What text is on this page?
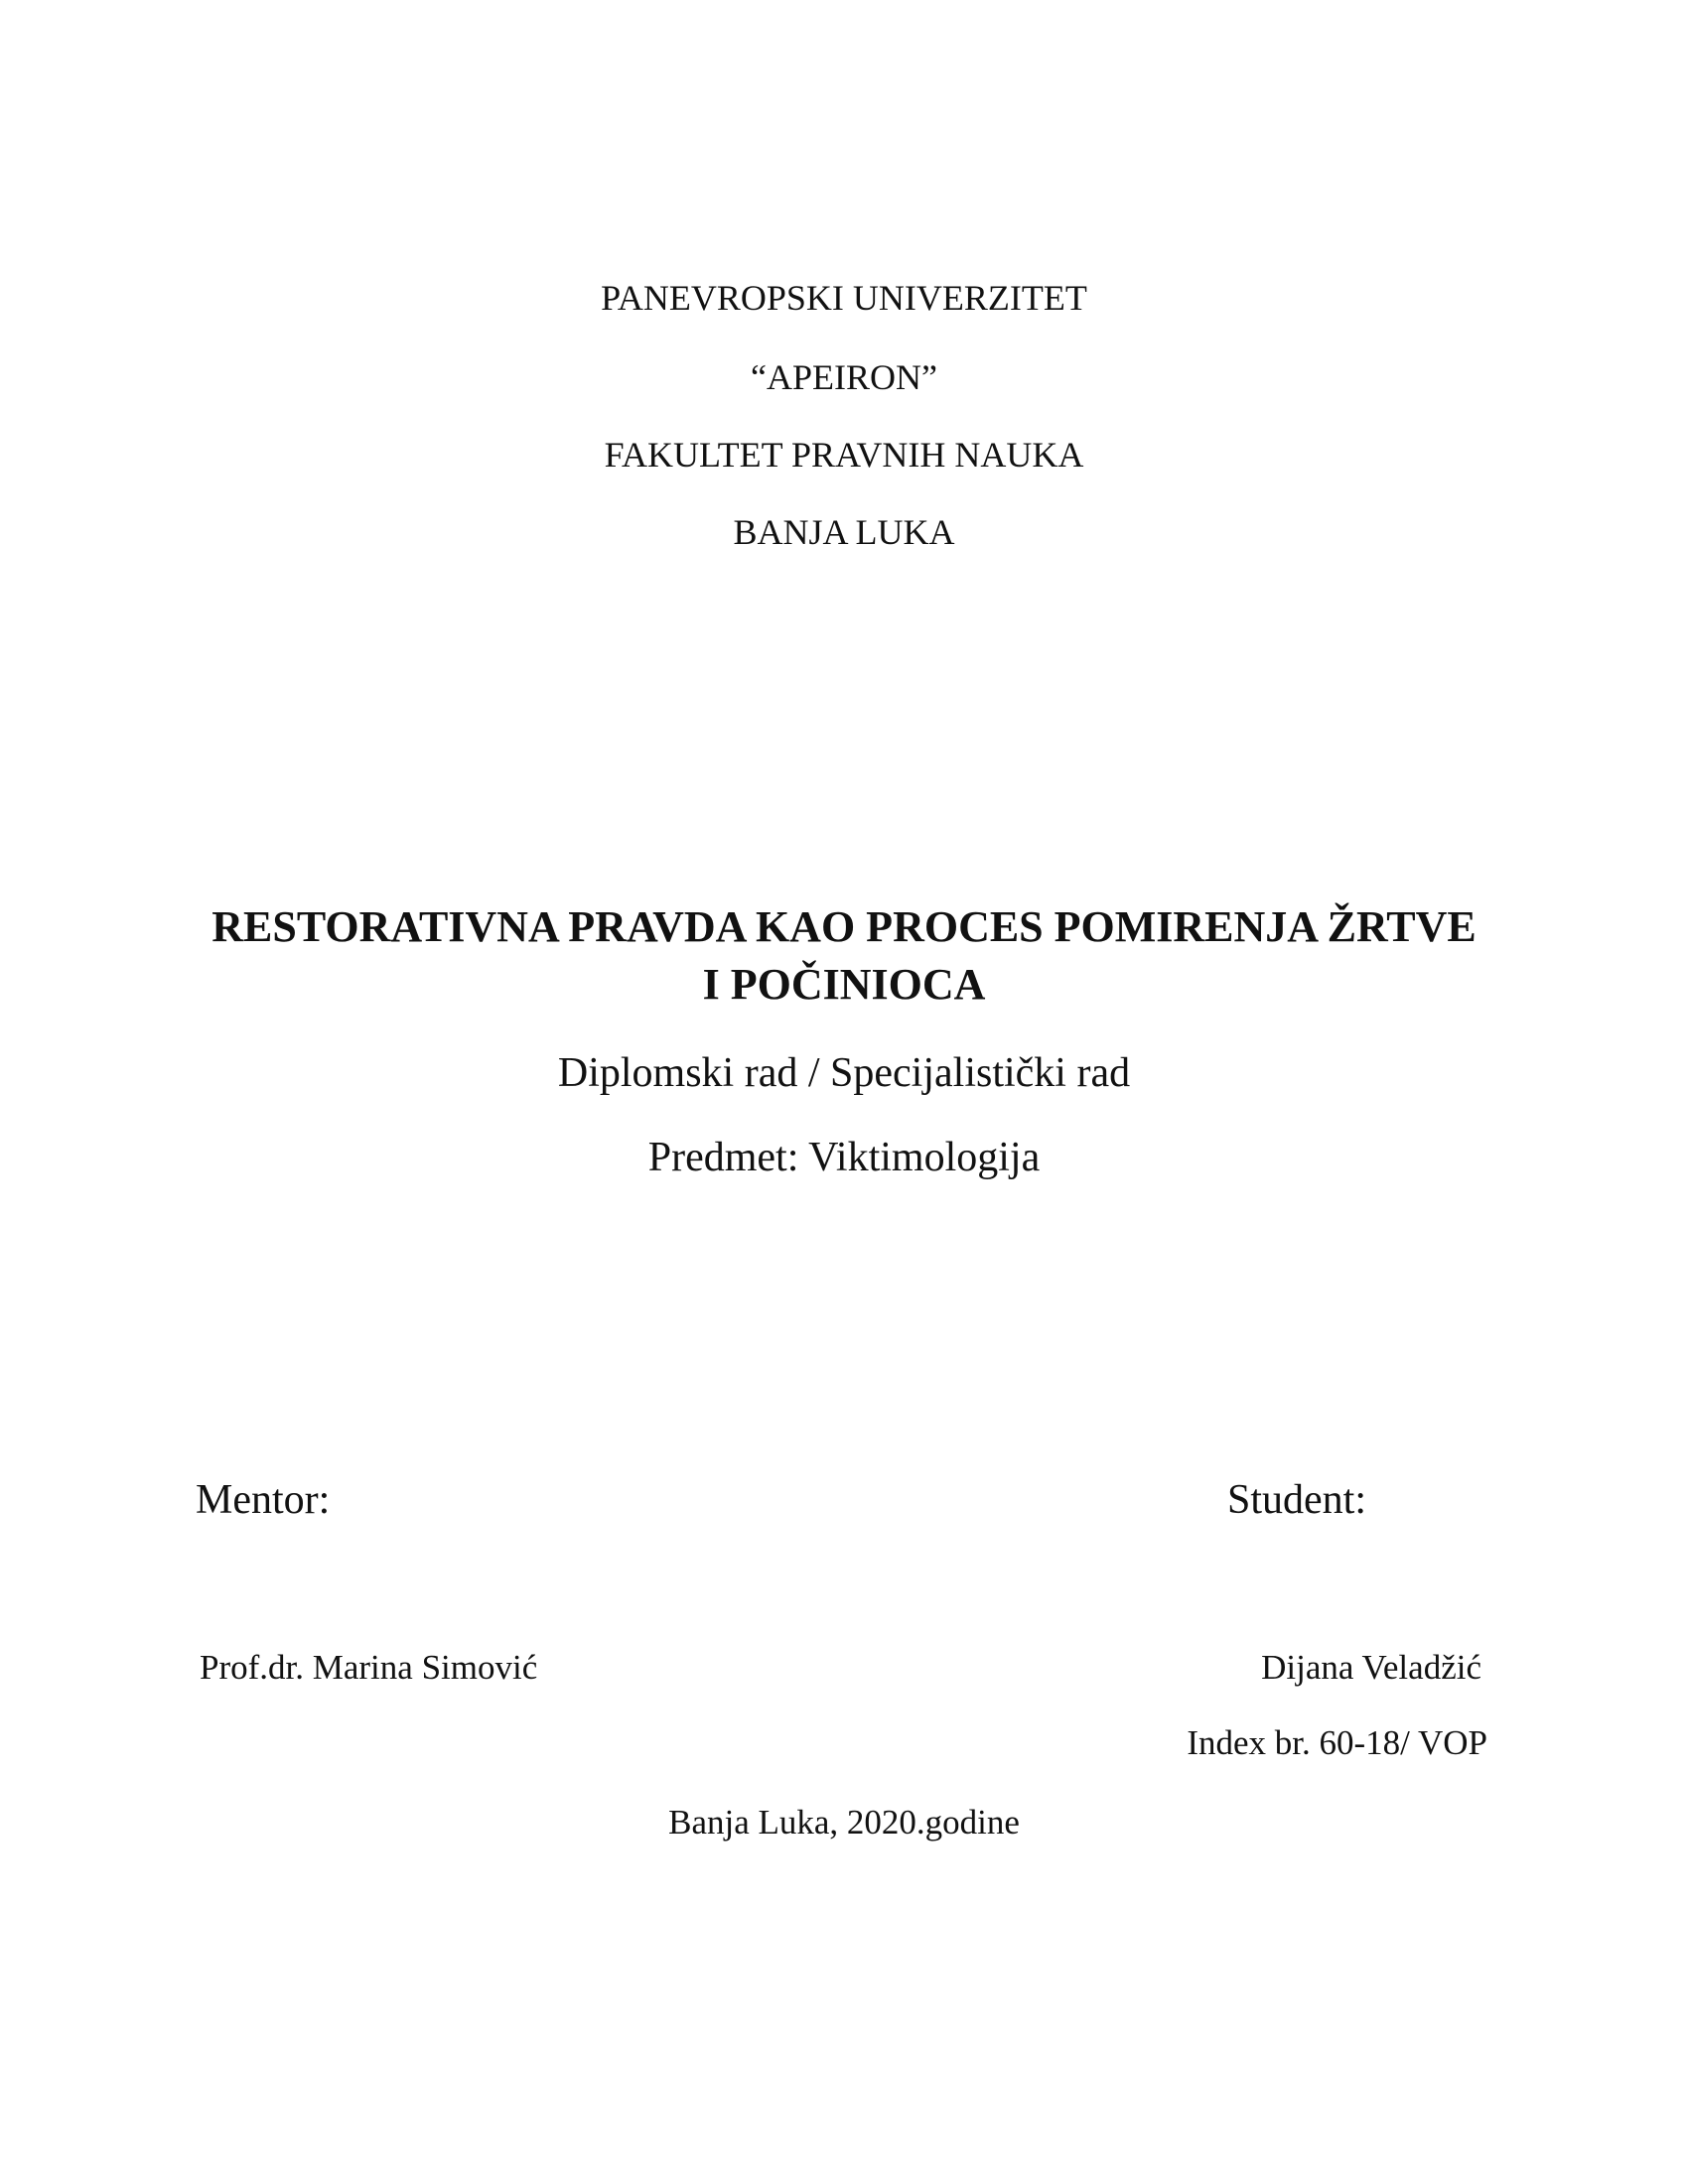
PANEVROPSKI UNIVERZITET
“APEIRON”
FAKULTET PRAVNIH NAUKA
BANJA LUKA
RESTORATIVNA PRAVDA KAO PROCES POMIRENJA ŽRTVE
I POČINIOCA
Diplomski rad / Specijalistički rad
Predmet: Viktimologija
Mentor:	Student:
Prof.dr. Marina Simović	Dijana Veladžić
Index br. 60-18/ VOP
Banja Luka, 2020.godine
